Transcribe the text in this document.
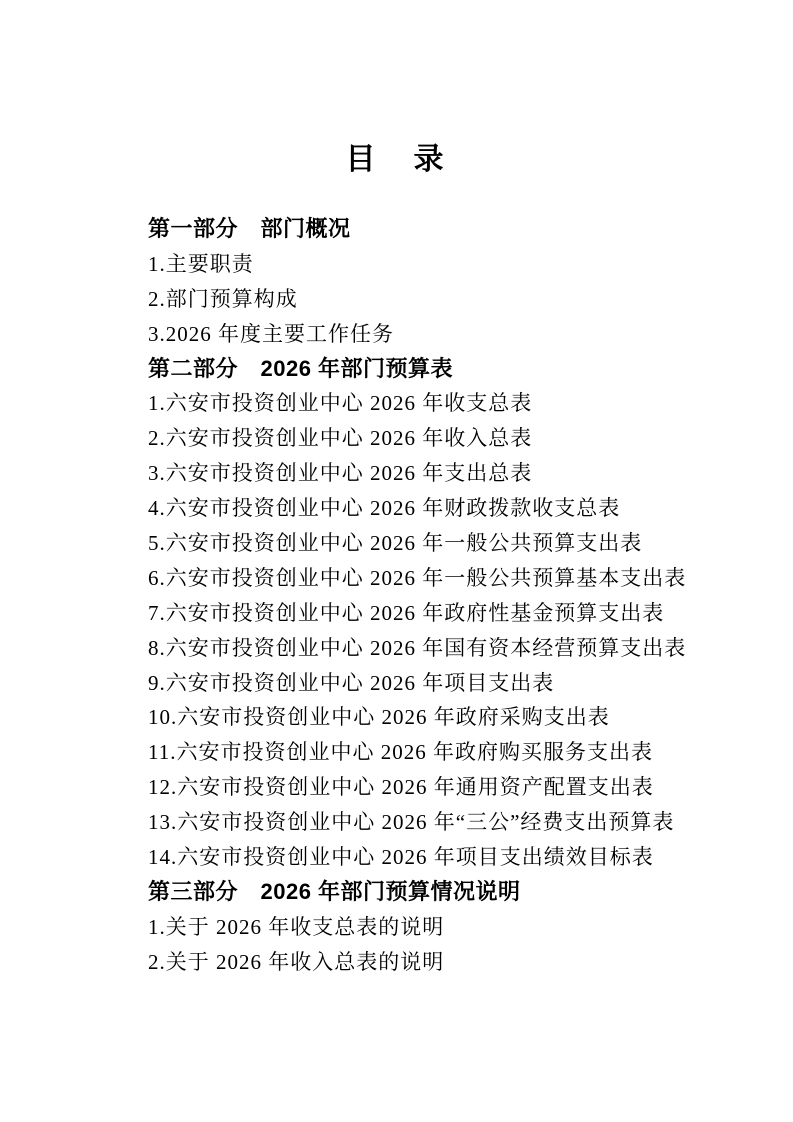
目　录
第一部分　部门概况
1.主要职责
2.部门预算构成
3.2026 年度主要工作任务
第二部分　2026 年部门预算表
1.六安市投资创业中心 2026 年收支总表
2.六安市投资创业中心 2026 年收入总表
3.六安市投资创业中心 2026 年支出总表
4.六安市投资创业中心 2026 年财政拨款收支总表
5.六安市投资创业中心 2026 年一般公共预算支出表
6.六安市投资创业中心 2026 年一般公共预算基本支出表
7.六安市投资创业中心 2026 年政府性基金预算支出表
8.六安市投资创业中心 2026 年国有资本经营预算支出表
9.六安市投资创业中心 2026 年项目支出表
10.六安市投资创业中心 2026 年政府采购支出表
11.六安市投资创业中心 2026 年政府购买服务支出表
12.六安市投资创业中心 2026 年通用资产配置支出表
13.六安市投资创业中心 2026 年“三公”经费支出预算表
14.六安市投资创业中心 2026 年项目支出绩效目标表
第三部分　2026 年部门预算情况说明
1.关于 2026 年收支总表的说明
2.关于 2026 年收入总表的说明
